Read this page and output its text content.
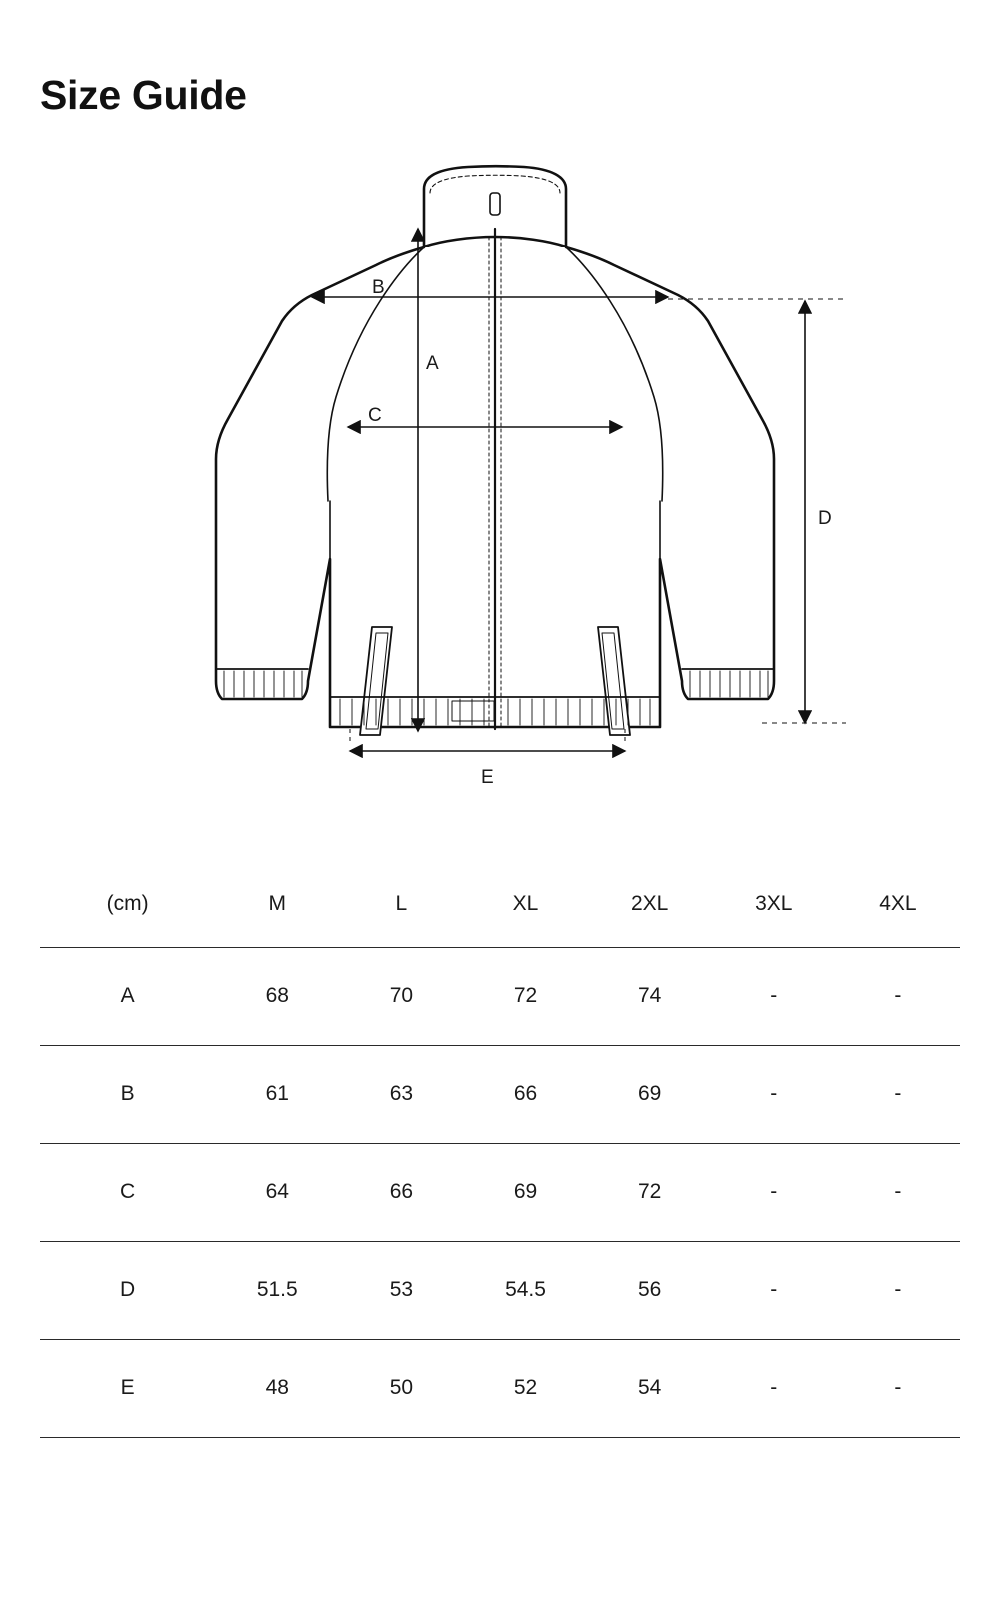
Size Guide
B
A
C
D
E
(cm)	M	L	XL	2XL	3XL	4XL
A	68	70	72	74	-	-
B	61	63	66	69	-	-
C	64	66	69	72	-	-
D	51.5	53	54.5	56	-	-
E	48	50	52	54	-	-
